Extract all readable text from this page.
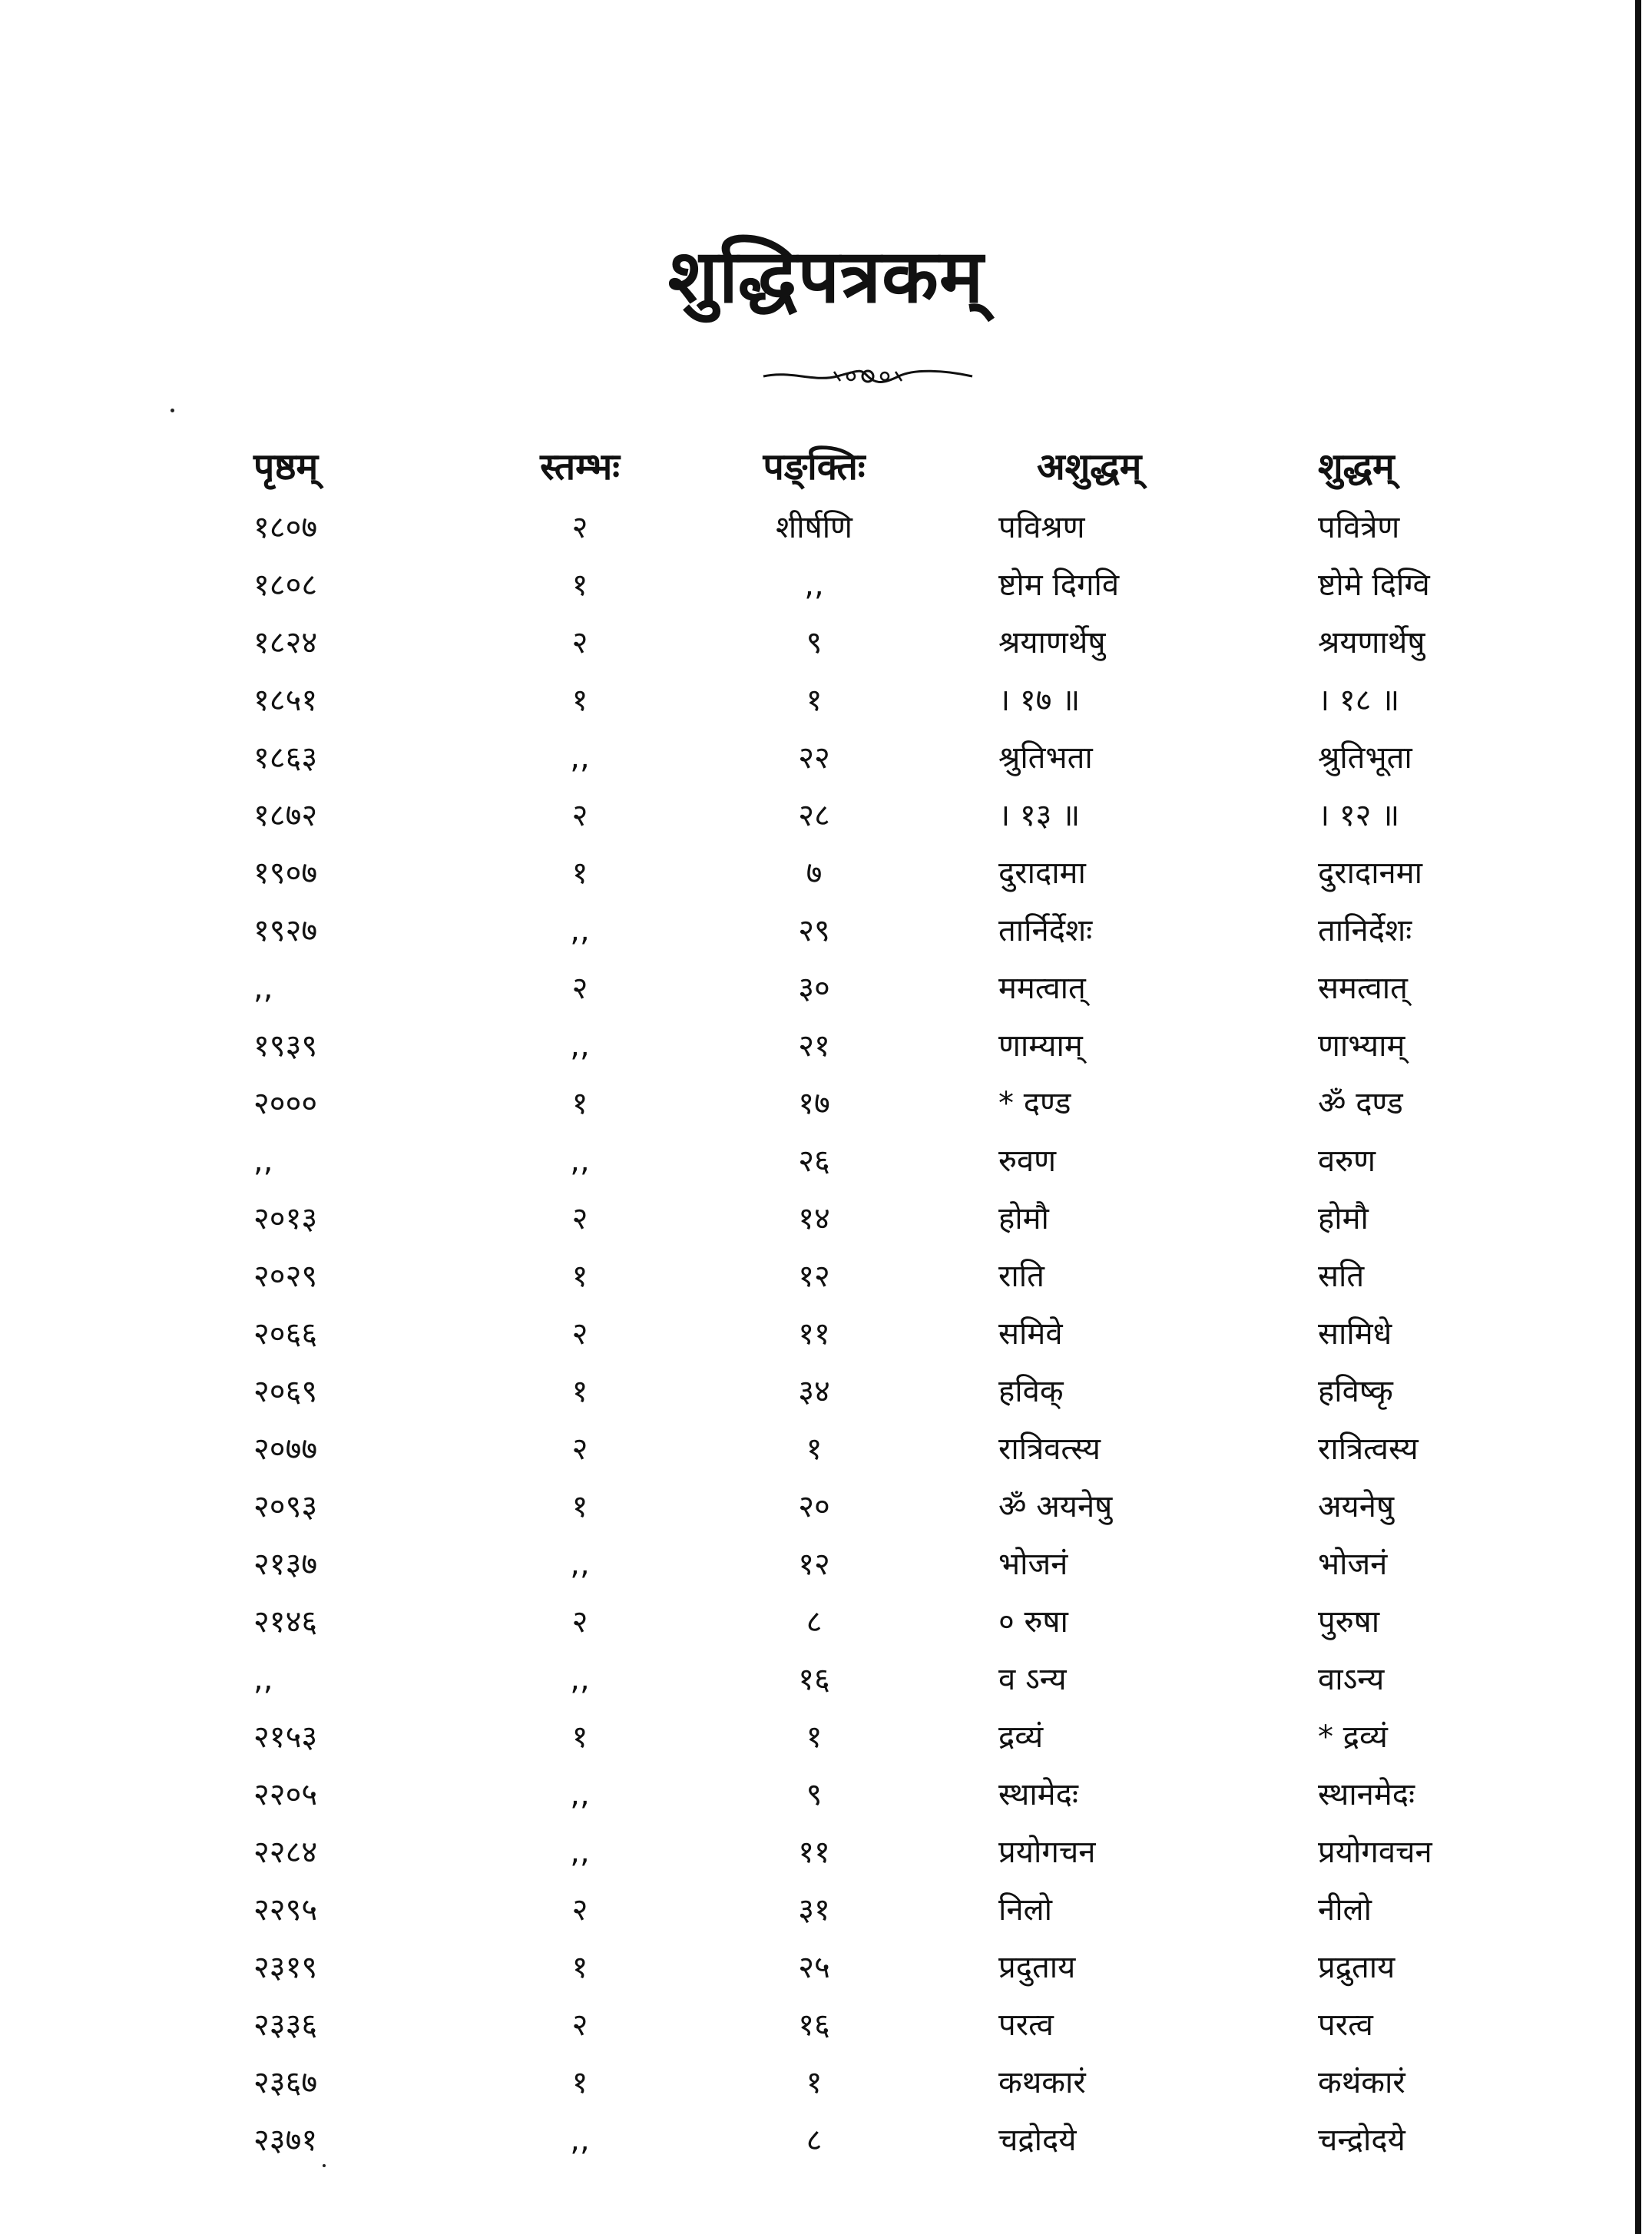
शुद्धिपत्रकम्
पृष्ठम्	स्तम्भः	पङ्क्तिः	अशुद्धम्	शुद्धम्
१८०७	२	शीर्षणि	पविश्रण	पवित्रेण
१८०८	१	,,	ष्टोम दिगवि	ष्टोमे दिग्वि
१८२४	२	९	श्रयाणर्थेषु	श्रयणार्थेषु
१८५१	१	१	। १७ ॥	। १८ ॥
१८६३	,,	२२	श्रुतिभता	श्रुतिभूता
१८७२	२	२८	। १३ ॥	। १२ ॥
१९०७	१	७	दुरादामा	दुरादानमा
१९२७	,,	२९	तार्निर्देशः	तानिर्देशः
,,	२	३०	ममत्वात्	समत्वात्
१९३९	,,	२१	णाम्याम्	णाभ्याम्
२०००	१	१७	* दण्ड	ॐ दण्ड
,,	,,	२६	रुवण	वरुण
२०१३	२	१४	होमौ	होमौ
२०२९	१	१२	राति	सति
२०६६	२	११	समिवे	सामिधे
२०६९	१	३४	हविक्	हविष्कृ
२०७७	२	१	रात्रिवत्स्य	रात्रित्वस्य
२०९३	१	२०	ॐ अयनेषु	अयनेषु
२१३७	,,	१२	भोजनं	भोजनं
२१४६	२	८	० रुषा	पुरुषा
,,	,,	१६	व ऽन्य	वाऽन्य
२१५३	१	१	द्रव्यं	* द्रव्यं
२२०५	,,	९	स्थामेदः	स्थानमेदः
२२८४	,,	११	प्रयोगचन	प्रयोगवचन
२२९५	२	३१	निलो	नीलो
२३१९	१	२५	प्रदुताय	प्रद्रुताय
२३३६	२	१६	परत्व	परत्व
२३६७	१	१	कथकारं	कथंकारं
२३७१	,,	८	चद्रोदये	चन्द्रोदये
